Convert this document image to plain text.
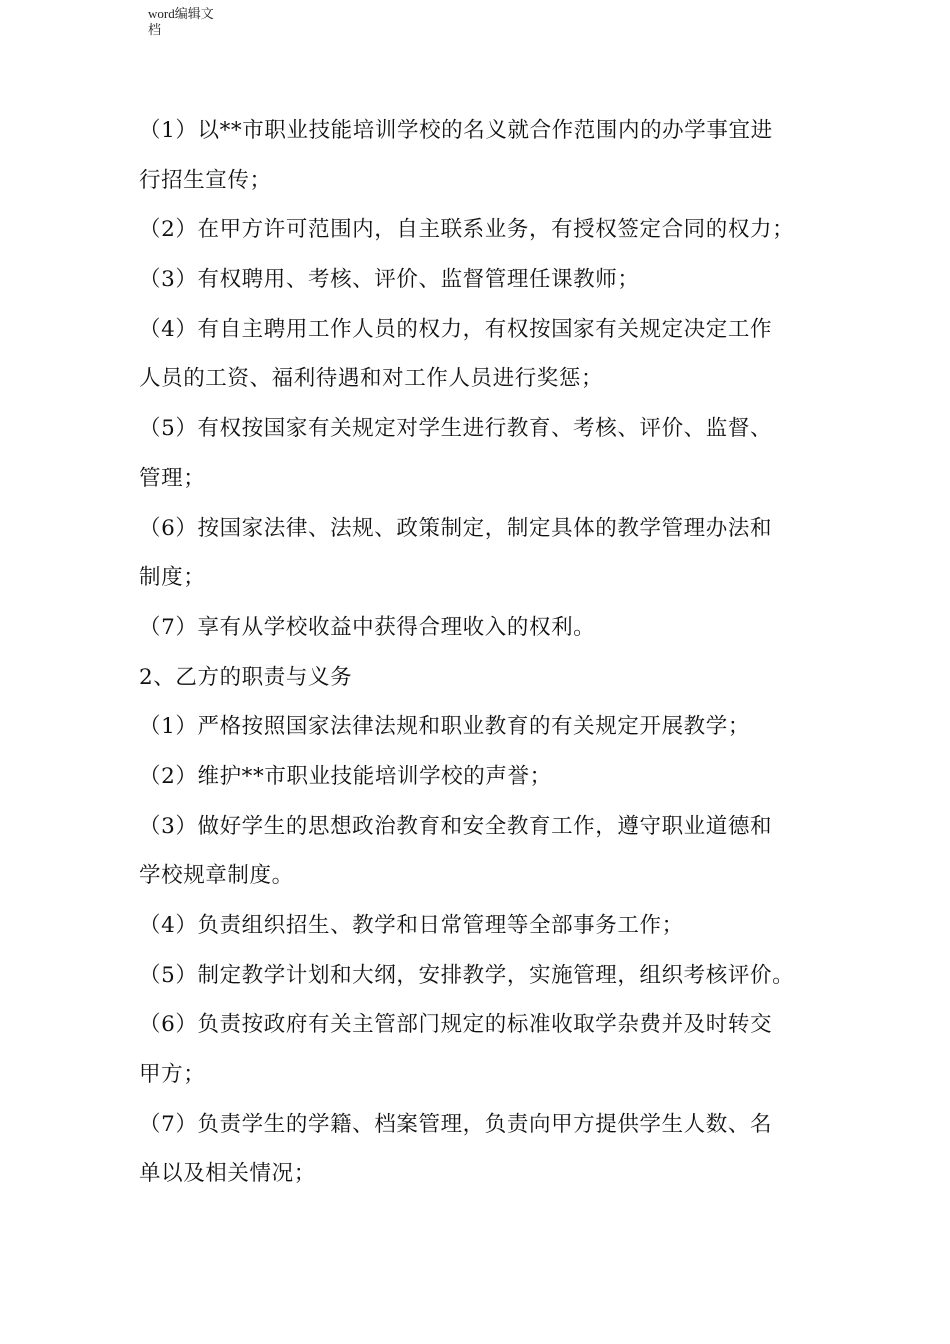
word编辑文
档
（1）以**市职业技能培训学校的名义就合作范围内的办学事宜进
行招生宣传；
（2）在甲方许可范围内，自主联系业务，有授权签定合同的权力；
（3）有权聘用、考核、评价、监督管理任课教师；
（4）有自主聘用工作人员的权力，有权按国家有关规定决定工作
人员的工资、福利待遇和对工作人员进行奖惩；
（5）有权按国家有关规定对学生进行教育、考核、评价、监督、
管理；
（6）按国家法律、法规、政策制定，制定具体的教学管理办法和
制度；
（7）享有从学校收益中获得合理收入的权利。
2、乙方的职责与义务
（1）严格按照国家法律法规和职业教育的有关规定开展教学；
（2）维护**市职业技能培训学校的声誉；
（3）做好学生的思想政治教育和安全教育工作，遵守职业道德和
学校规章制度。
（4）负责组织招生、教学和日常管理等全部事务工作；
（5）制定教学计划和大纲，安排教学，实施管理，组织考核评价。
（6）负责按政府有关主管部门规定的标准收取学杂费并及时转交
甲方；
（7）负责学生的学籍、档案管理，负责向甲方提供学生人数、名
单以及相关情况；
